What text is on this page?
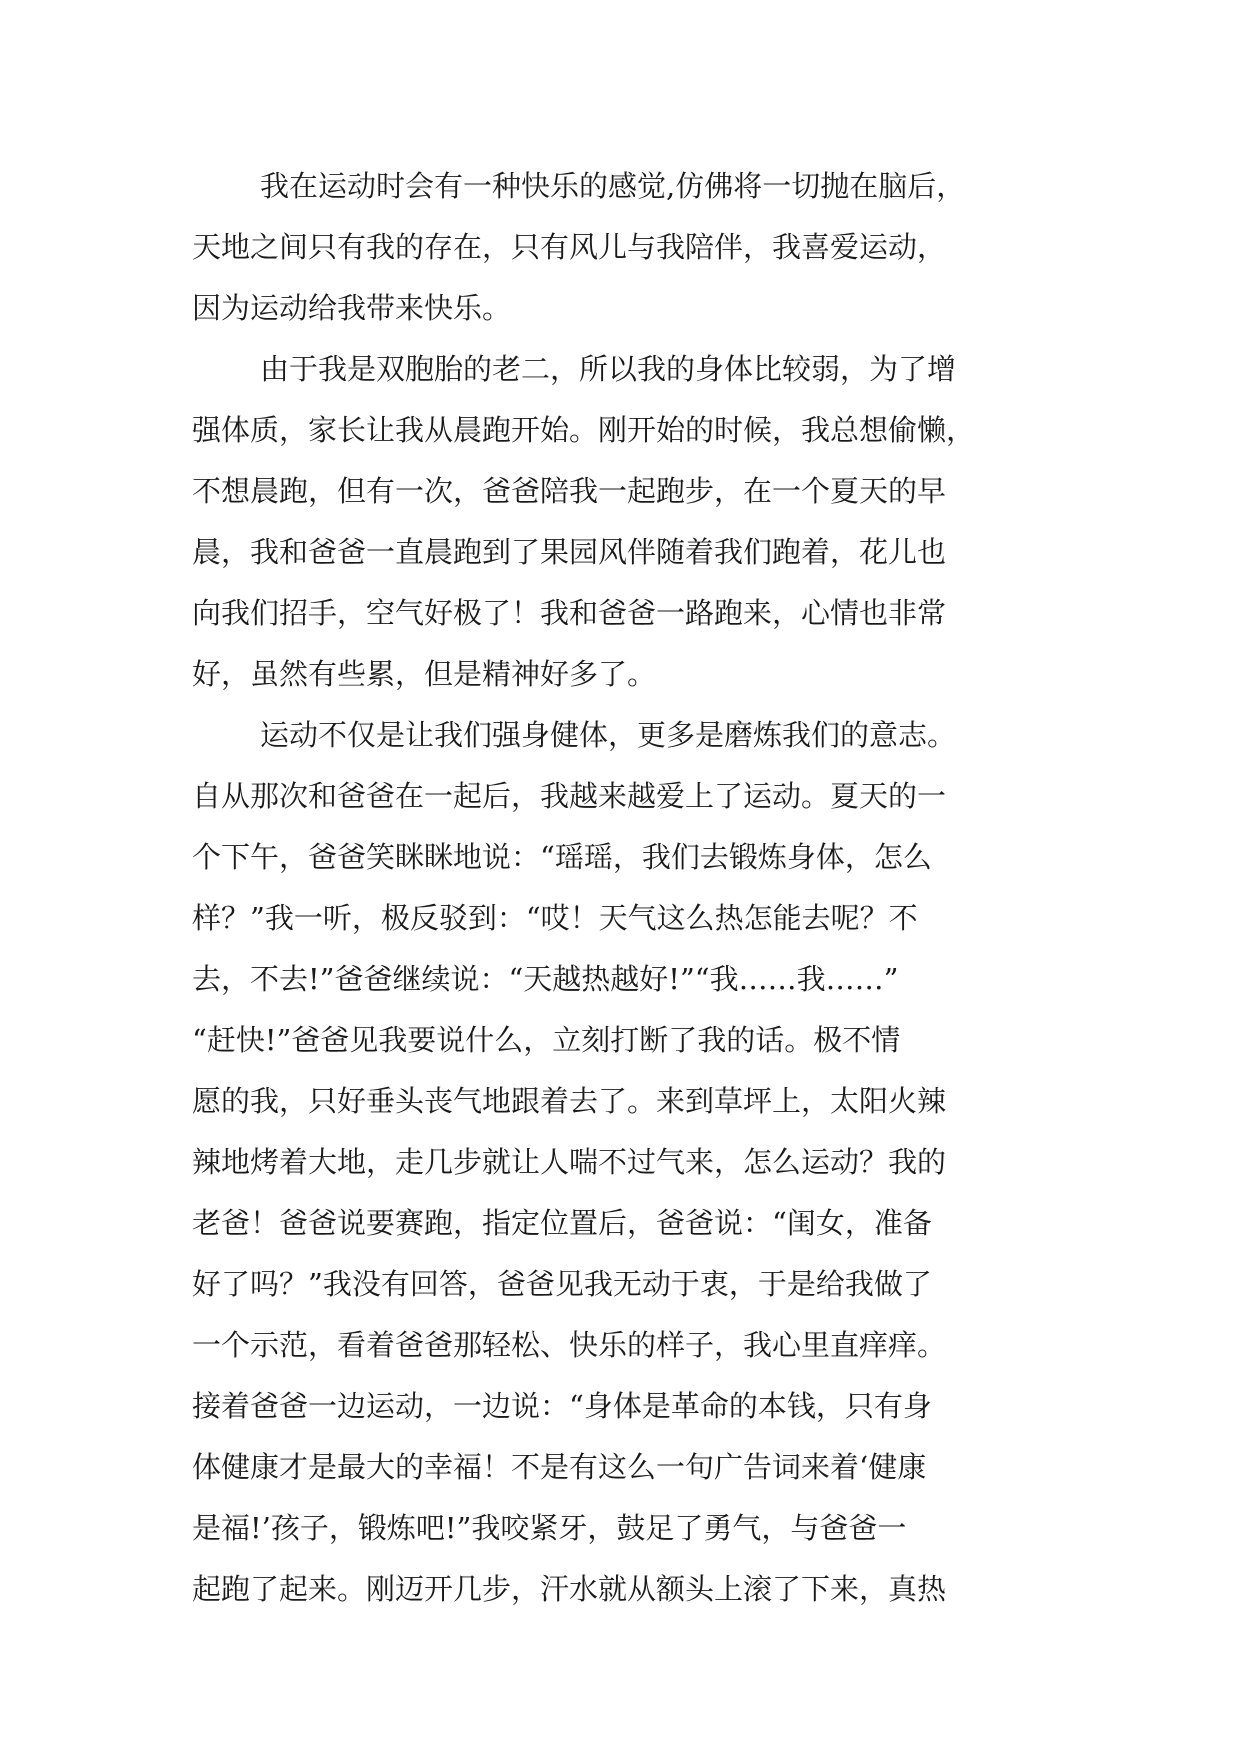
我在运动时会有一种快乐的感觉,仿佛将一切抛在脑后，
天地之间只有我的存在，只有风儿与我陪伴，我喜爱运动，
因为运动给我带来快乐。
由于我是双胞胎的老二，所以我的身体比较弱，为了增
强体质，家长让我从晨跑开始。刚开始的时候，我总想偷懒，
不想晨跑，但有一次，爸爸陪我一起跑步，在一个夏天的早
晨，我和爸爸一直晨跑到了果园风伴随着我们跑着，花儿也
向我们招手，空气好极了！我和爸爸一路跑来，心情也非常
好，虽然有些累，但是精神好多了。
运动不仅是让我们强身健体，更多是磨炼我们的意志。
自从那次和爸爸在一起后，我越来越爱上了运动。夏天的一
个下午，爸爸笑眯眯地说：“瑶瑶，我们去锻炼身体，怎么
样？”我一听，极反驳到：“哎！天气这么热怎能去呢？不
去，不去!”爸爸继续说：“天越热越好!”“我……我……”
“赶快!”爸爸见我要说什么，立刻打断了我的话。极不情
愿的我，只好垂头丧气地跟着去了。来到草坪上，太阳火辣
辣地烤着大地，走几步就让人喘不过气来，怎么运动？我的
老爸！爸爸说要赛跑，指定位置后，爸爸说：“闺女，准备
好了吗？”我没有回答，爸爸见我无动于衷，于是给我做了
一个示范，看着爸爸那轻松、快乐的样子，我心里直痒痒。
接着爸爸一边运动，一边说：“身体是革命的本钱，只有身
体健康才是最大的幸福！不是有这么一句广告词来着‘健康
是福!’孩子，锻炼吧!”我咬紧牙，鼓足了勇气，与爸爸一
起跑了起来。刚迈开几步，汗水就从额头上滚了下来，真热
